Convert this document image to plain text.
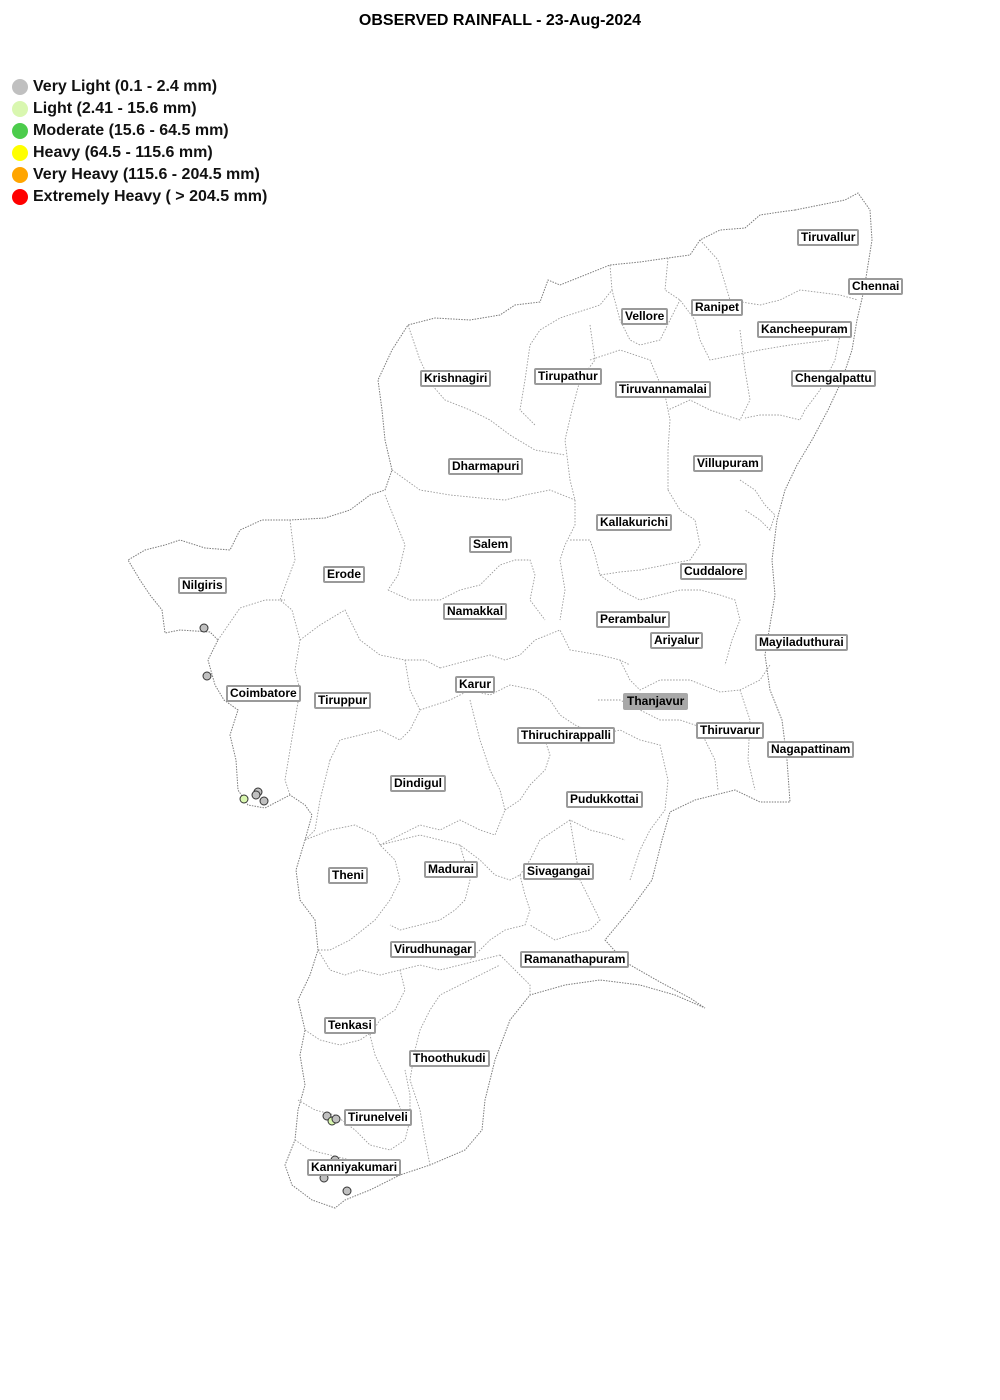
OBSERVED RAINFALL - 23-Aug-2024
Very Light (0.1 - 2.4 mm)
Light (2.41 - 15.6 mm)
Moderate (15.6 - 64.5 mm)
Heavy (64.5 - 115.6 mm)
Very Heavy (115.6 - 204.5 mm)
Extremely Heavy ( > 204.5 mm)
Tiruvallur
Chennai
Ranipet
Vellore
Kancheepuram
Chengalpattu
Krishnagiri	Tirupathur
Tiruvannamalai
Dharmapuri	Villupuram
Kallakurichi
Salem
Nilgiris
Erode	Cuddalore
Namakkal
Perambalur
Ariyalur	Mayiladuthurai
Karur
Coimbatore	Tiruppur	Thanjavur
Thiruvarur
Thiruchirappalli
Nagapattinam
Dindigul
Pudukkottai
Theni	Madurai	Sivagangai
Virudhunagar
Ramanathapuram
Tenkasi
Thoothukudi
Tirunelveli
Kanniyakumari
